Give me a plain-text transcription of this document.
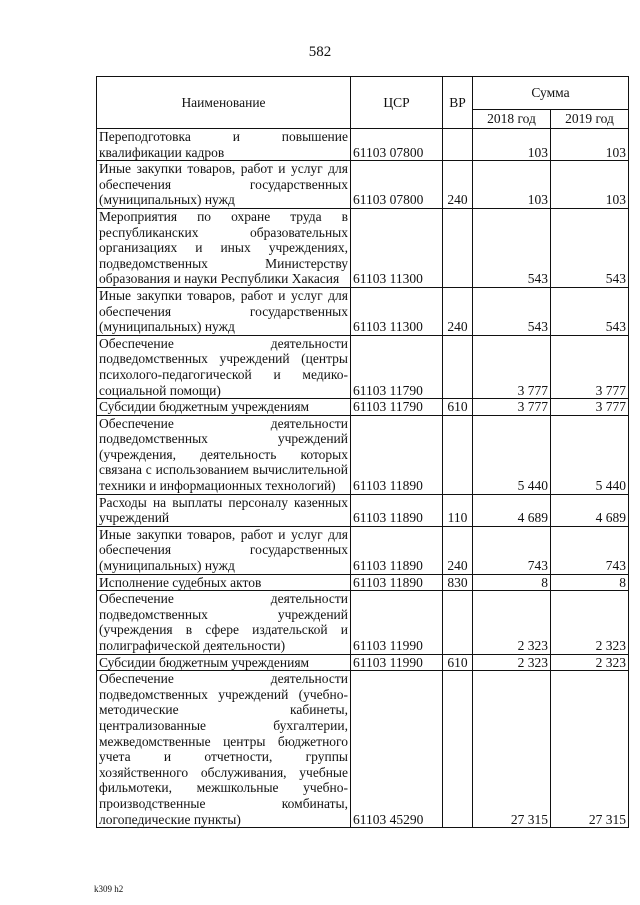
582
Наименование	ЦСР	ВР	Сумма	
			2018 год	2019 год

Переподготовка и повышение квалификации кадров	61103 07800		103	103

Иные закупки товаров, работ и услуг для обеспечения государственных (муниципальных) нужд	61103 07800	240	103	103

Мероприятия по охране труда в республиканских образовательных организациях и иных учреждениях, подведомственных Министерству образования и науки Республики Хакасия	61103 11300		543	543

Иные закупки товаров, работ и услуг для обеспечения государственных (муниципальных) нужд	61103 11300	240	543	543

Обеспечение деятельности подведомственных учреждений (центры психолого-педагогической и медико-социальной помощи)	61103 11790		3 777	3 777

Субсидии бюджетным учреждениям	61103 11790	610	3 777	3 777

Обеспечение деятельности подведомственных учреждений (учреждения, деятельность которых связана с использованием вычислительной техники и информационных технологий)	61103 11890		5 440	5 440

Расходы на выплаты персоналу казенных учреждений	61103 11890	110	4 689	4 689

Иные закупки товаров, работ и услуг для обеспечения государственных (муниципальных) нужд	61103 11890	240	743	743

Исполнение судебных актов	61103 11890	830	8	8

Обеспечение деятельности подведомственных учреждений (учреждения в сфере издательской и полиграфической деятельности)	61103 11990		2 323	2 323

Субсидии бюджетным учреждениям	61103 11990	610	2 323	2 323

Обеспечение деятельности подведомственных учреждений (учебно-методические кабинеты, централизованные бухгалтерии, межведомственные центры бюджетного учета и отчетности, группы хозяйственного обслуживания, учебные фильмотеки, межшкольные учебно-производственные комбинаты, логопедические пункты)	61103 45290		27 315	27 315
k309 h2
